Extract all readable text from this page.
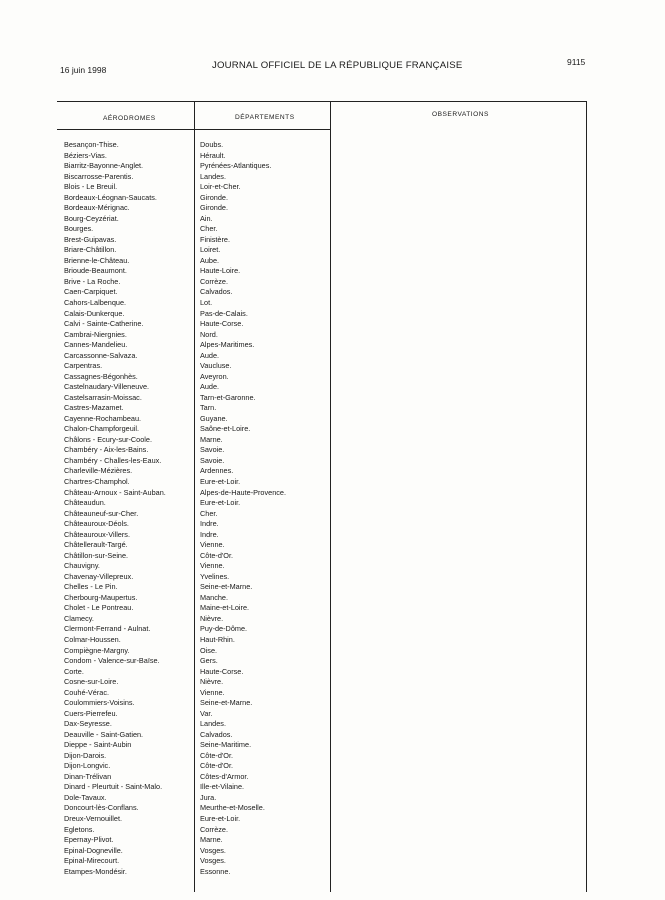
16 juin 1998	JOURNAL OFFICIEL DE LA RÉPUBLIQUE FRANÇAISE	9115
AÉRODROMES	DÉPARTEMENTS	OBSERVATIONS
Besançon-Thise.	Doubs.
Béziers-Vias.	Hérault.
Biarritz-Bayonne-Anglet.	Pyrénées-Atlantiques.
Biscarrosse-Parentis.	Landes.
Blois - Le Breuil.	Loir-et-Cher.
Bordeaux-Léognan-Saucats.	Gironde.
Bordeaux-Mérignac.	Gironde.
Bourg-Ceyzériat.	Ain.
Bourges.	Cher.
Brest-Guipavas.	Finistère.
Briare-Châtillon.	Loiret.
Brienne-le-Château.	Aube.
Brioude-Beaumont.	Haute-Loire.
Brive - La Roche.	Corrèze.
Caen-Carpiquet.	Calvados.
Cahors-Lalbenque.	Lot.
Calais-Dunkerque.	Pas-de-Calais.
Calvi - Sainte-Catherine.	Haute-Corse.
Cambrai-Niergnies.	Nord.
Cannes-Mandelieu.	Alpes-Maritimes.
Carcassonne-Salvaza.	Aude.
Carpentras.	Vaucluse.
Cassagnes-Bégonhès.	Aveyron.
Castelnaudary-Villeneuve.	Aude.
Castelsarrasin-Moissac.	Tarn-et-Garonne.
Castres-Mazamet.	Tarn.
Cayenne-Rochambeau.	Guyane.
Chalon-Champforgeuil.	Saône-et-Loire.
Châlons - Ecury-sur-Coole.	Marne.
Chambéry - Aix-les-Bains.	Savoie.
Chambéry - Challes-les-Eaux.	Savoie.
Charleville-Mézières.	Ardennes.
Chartres-Champhol.	Eure-et-Loir.
Château-Arnoux - Saint-Auban.	Alpes-de-Haute-Provence.
Châteaudun.	Eure-et-Loir.
Châteauneuf-sur-Cher.	Cher.
Châteauroux-Déols.	Indre.
Châteauroux-Villers.	Indre.
Châtellerault-Targé.	Vienne.
Châtillon-sur-Seine.	Côte-d'Or.
Chauvigny.	Vienne.
Chavenay-Villepreux.	Yvelines.
Chelles - Le Pin.	Seine-et-Marne.
Cherbourg-Maupertus.	Manche.
Cholet - Le Pontreau.	Maine-et-Loire.
Clamecy.	Nièvre.
Clermont-Ferrand - Aulnat.	Puy-de-Dôme.
Colmar-Houssen.	Haut-Rhin.
Compiègne-Margny.	Oise.
Condom - Valence-sur-Baïse.	Gers.
Corte.	Haute-Corse.
Cosne-sur-Loire.	Nièvre.
Couhé-Vérac.	Vienne.
Coulommiers-Voisins.	Seine-et-Marne.
Cuers-Pierrefeu.	Var.
Dax-Seyresse.	Landes.
Deauville - Saint-Gatien.	Calvados.
Dieppe - Saint-Aubin	Seine-Maritime.
Dijon-Darois.	Côte-d'Or.
Dijon-Longvic.	Côte-d'Or.
Dinan-Trélivan	Côtes-d'Armor.
Dinard - Pleurtuit - Saint-Malo.	Ille-et-Vilaine.
Dole-Tavaux.	Jura.
Doncourt-lès-Conflans.	Meurthe-et-Moselle.
Dreux-Vernouillet.	Eure-et-Loir.
Egletons.	Corrèze.
Epernay-Plivot.	Marne.
Epinal-Dogneville.	Vosges.
Epinal-Mirecourt.	Vosges.
Etampes-Mondésir.	Essonne.
